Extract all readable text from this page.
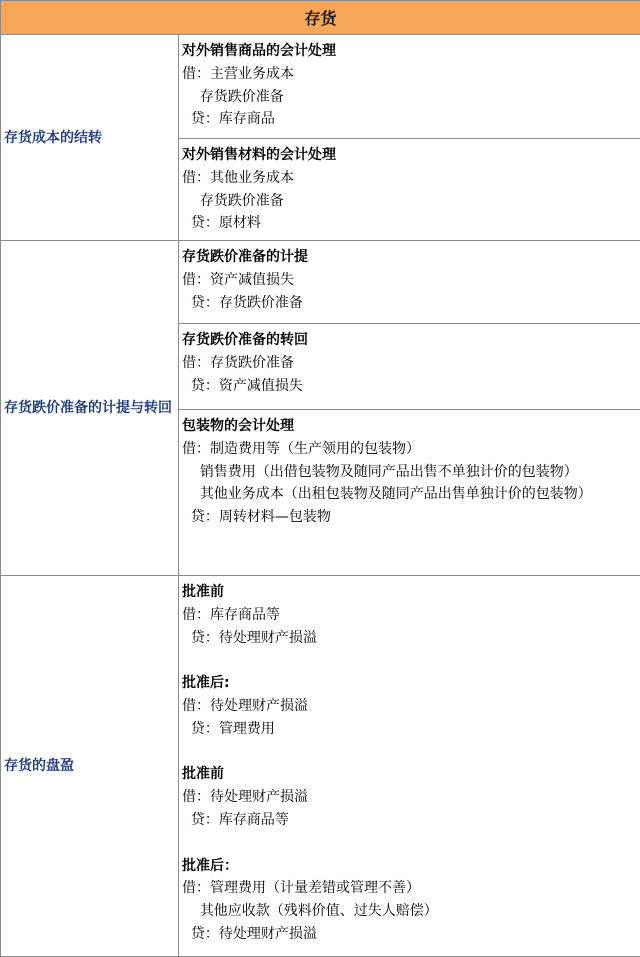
存货
存货成本的结转
对外销售商品的会计处理
借：主营业务成本
存货跌价准备
贷：库存商品
对外销售材料的会计处理
借：其他业务成本
存货跌价准备
贷：原材料
存货跌价准备的计提与转回
存货跌价准备的计提
借：资产减值损失
贷：存货跌价准备
存货跌价准备的转回
借：存货跌价准备
贷：资产减值损失
包装物的会计处理
借：制造费用等（生产领用的包装物）
销售费用（出借包装物及随同产品出售不单独计价的包装物）
其他业务成本（出租包装物及随同产品出售单独计价的包装物）
贷：周转材料—包装物
存货的盘盈
批准前
借：库存商品等
贷：待处理财产损溢

批准后:
借：待处理财产损溢
贷：管理费用

批准前
借：待处理财产损溢
贷：库存商品等

批准后：
借：管理费用（计量差错或管理不善）
其他应收款（残料价值、过失人赔偿）
贷：待处理财产损溢
